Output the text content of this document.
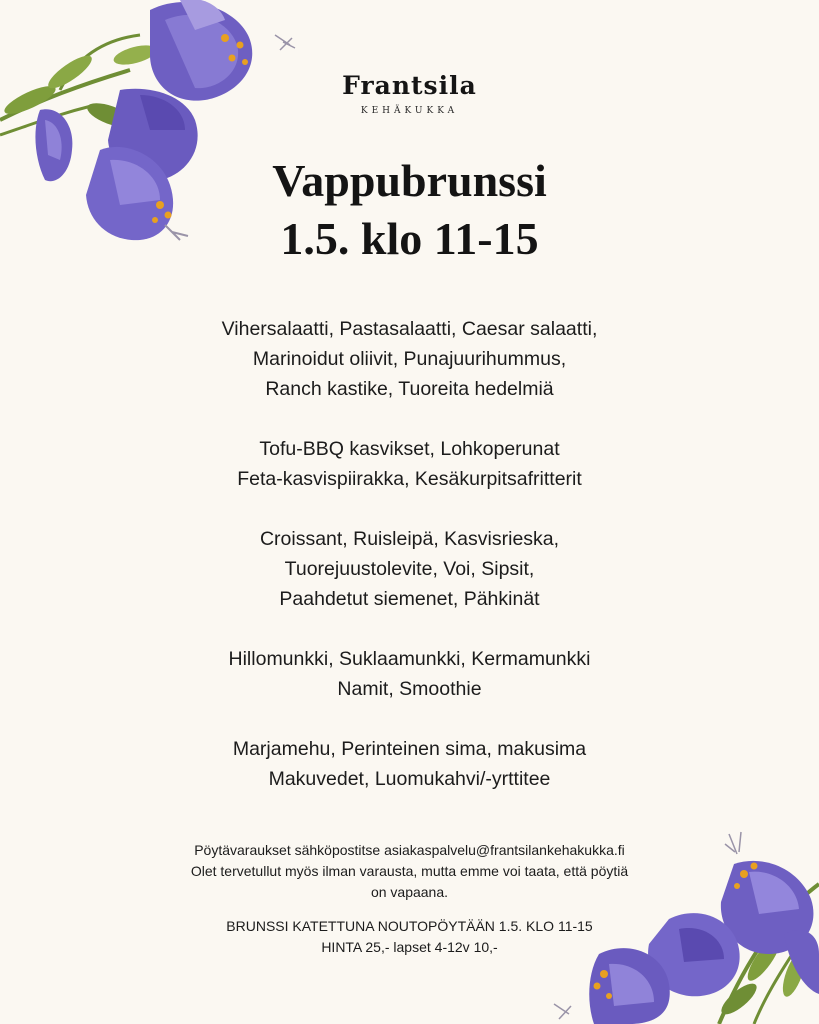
Frantsila
KEHÄKUKKA
Vappubrunssi
1.5. klo 11-15
Vihersalaatti, Pastasalaatti, Caesar salaatti,
Marinoidut oliivit, Punajuurihummus,
Ranch kastike, Tuoreita hedelmiä
Tofu-BBQ kasvikset, Lohkoperunat
Feta-kasvispiirakka, Kesäkurpitsafritterit
Croissant, Ruisleipä, Kasvisrieska,
Tuorejuustolevite, Voi, Sipsit,
Paahdetut siemenet, Pähkinät
Hillomunkki, Suklaamunkki, Kermamunkki
Namit, Smoothie
Marjamehu, Perinteinen sima, makusima
Makuvedet, Luomukahvi/-yrttitee
Pöytävaraukset sähköpostitse asiakaspalvelu@frantsilankehakukka.fi
Olet tervetullut myös ilman varausta, mutta emme voi taata, että pöytiä
on vapaana.
BRUNSSI KATETTUNA NOUTOPÖYTÄÄN 1.5. KLO 11-15
HINTA 25,- lapset 4-12v 10,-
